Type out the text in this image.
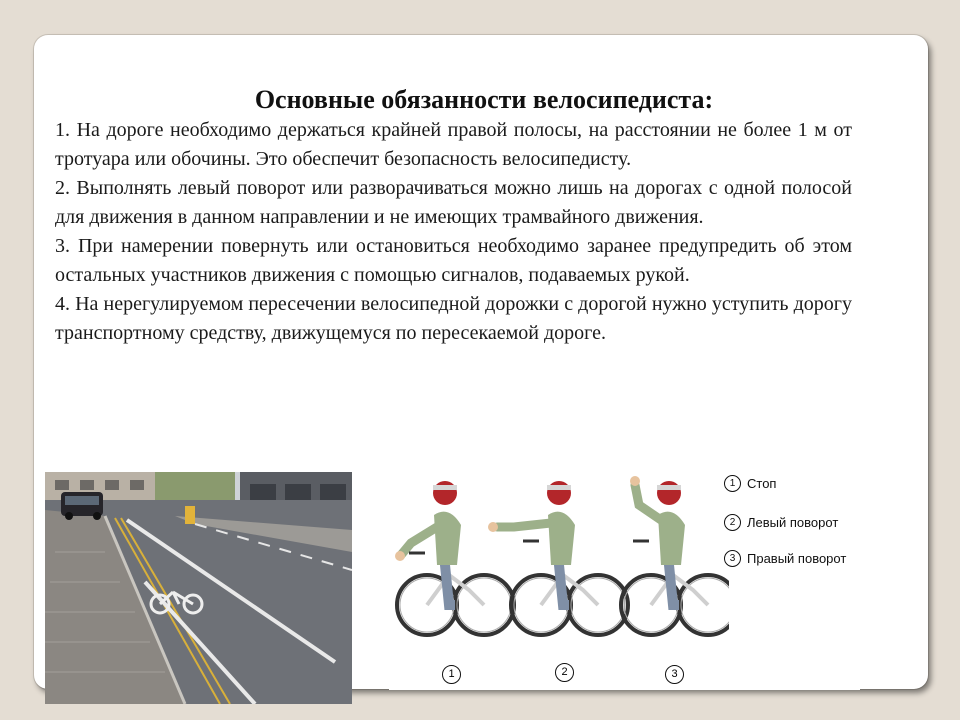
Основные обязанности велосипедиста:

1. На дороге необходимо держаться крайней правой полосы, на расстоянии не более 1 м от тротуара или обочины. Это обеспечит безопасность велосипедисту.

2. Выполнять левый поворот или разворачиваться можно лишь на дорогах с одной полосой для движения в данном направлении и не имеющих трамвайного движения.

3. При намерении повернуть или остановиться необходимо заранее предупредить об этом остальных участников движения с помощью сигналов, подаваемых рукой.

4. На нерегулируемом пересечении велосипедной дорожки с дорогой нужно уступить дорогу транспортному средству, движущемуся по пересекаемой дороге.

1	2	3
1 Стоп
2 Левый поворот
3 Правый поворот
